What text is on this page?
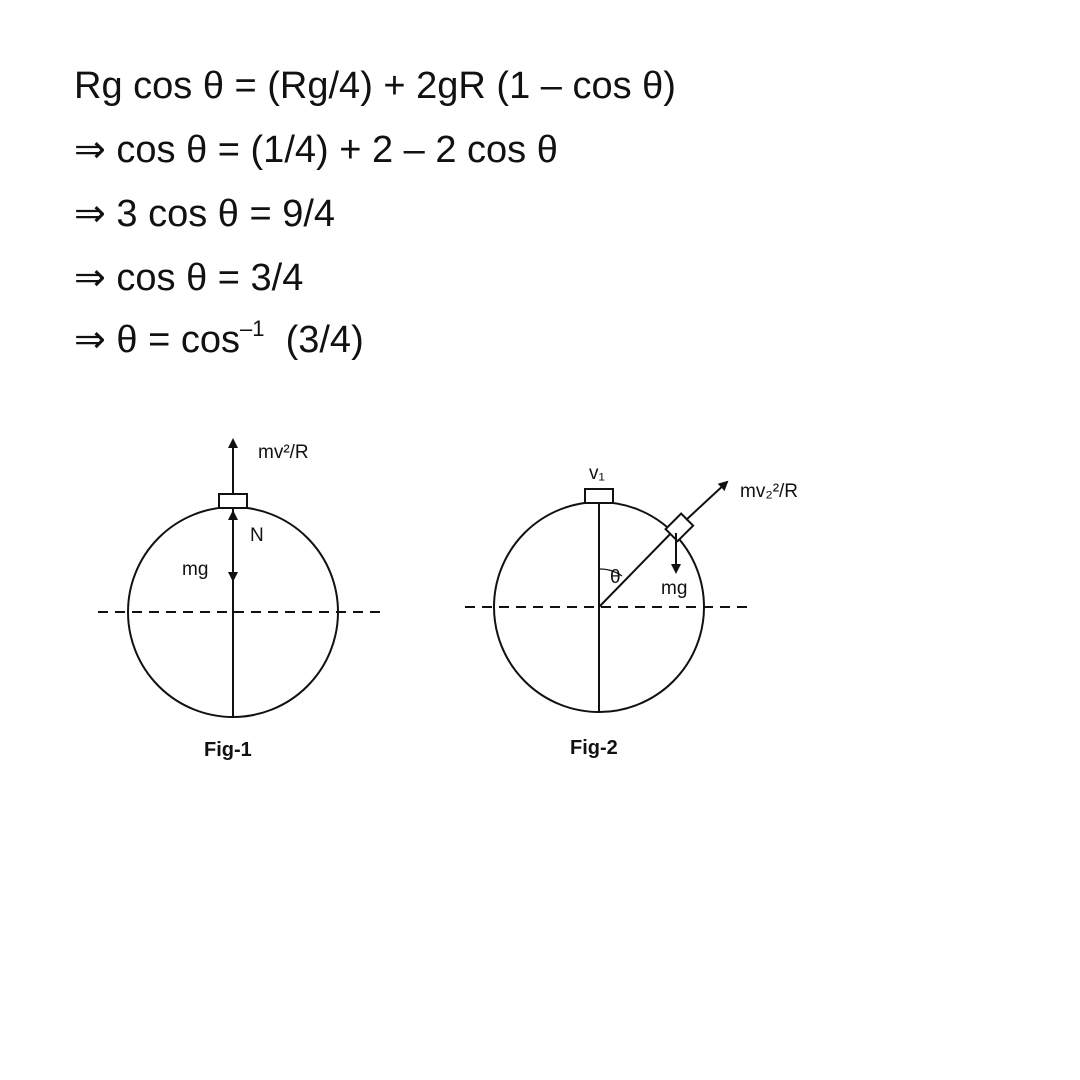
Rg cos θ = (Rg/4) + 2gR (1 – cos θ)
⇒ cos θ = (1/4) + 2 – 2 cos θ
⇒ 3 cos θ = 9/4
⇒ cos θ = 3/4
⇒ $\theta = \cos^{-1} (3/4)$
mv²/R
N
mg
Fig-1
v₁
mv₂²/R
mg
θ
Fig-2
